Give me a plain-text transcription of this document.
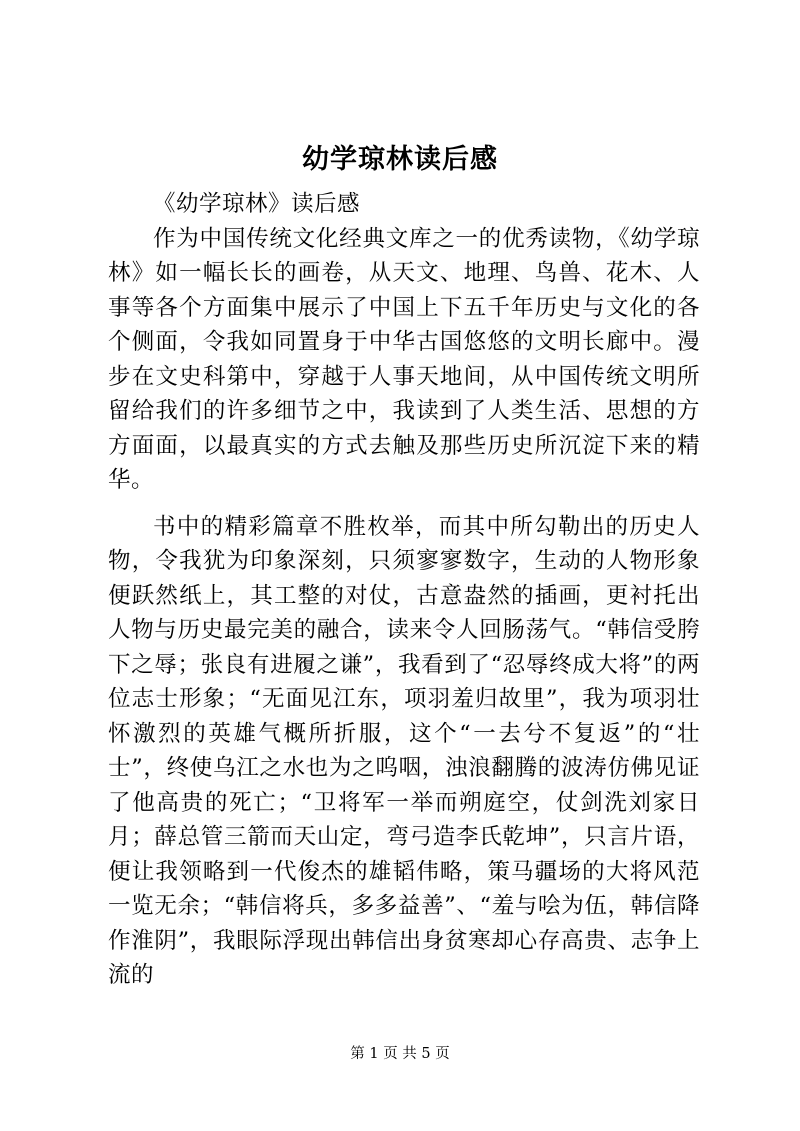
幼学琼林读后感

《幼学琼林》读后感

作为中国传统文化经典文库之一的优秀读物，《幼学琼林》如一幅长长的画卷，从天文、地理、鸟兽、花木、人事等各个方面集中展示了中国上下五千年历史与文化的各个侧面，令我如同置身于中华古国悠悠的文明长廊中。漫步在文史科第中，穿越于人事天地间，从中国传统文明所留给我们的许多细节之中，我读到了人类生活、思想的方方面面，以最真实的方式去触及那些历史所沉淀下来的精华。

书中的精彩篇章不胜枚举，而其中所勾勒出的历史人物，令我犹为印象深刻，只须寥寥数字，生动的人物形象便跃然纸上，其工整的对仗，古意盎然的插画，更衬托出人物与历史最完美的融合，读来令人回肠荡气。“韩信受胯下之辱；张良有进履之谦”，我看到了“忍辱终成大将”的两位志士形象；“无面见江东，项羽羞归故里”，我为项羽壮怀激烈的英雄气概所折服，这个“一去兮不复返”的“壮士”，终使乌江之水也为之呜咽，浊浪翻腾的波涛仿佛见证了他高贵的死亡；“卫将军一举而朔庭空，仗剑洗刘家日月；薛总管三箭而天山定，弯弓造李氏乾坤”，只言片语，便让我领略到一代俊杰的雄韬伟略，策马疆场的大将风范一览无余；“韩信将兵，多多益善”、“羞与哙为伍，韩信降作淮阴”，我眼际浮现出韩信出身贫寒却心存高贵、志争上流的

第 1 页 共 5 页
